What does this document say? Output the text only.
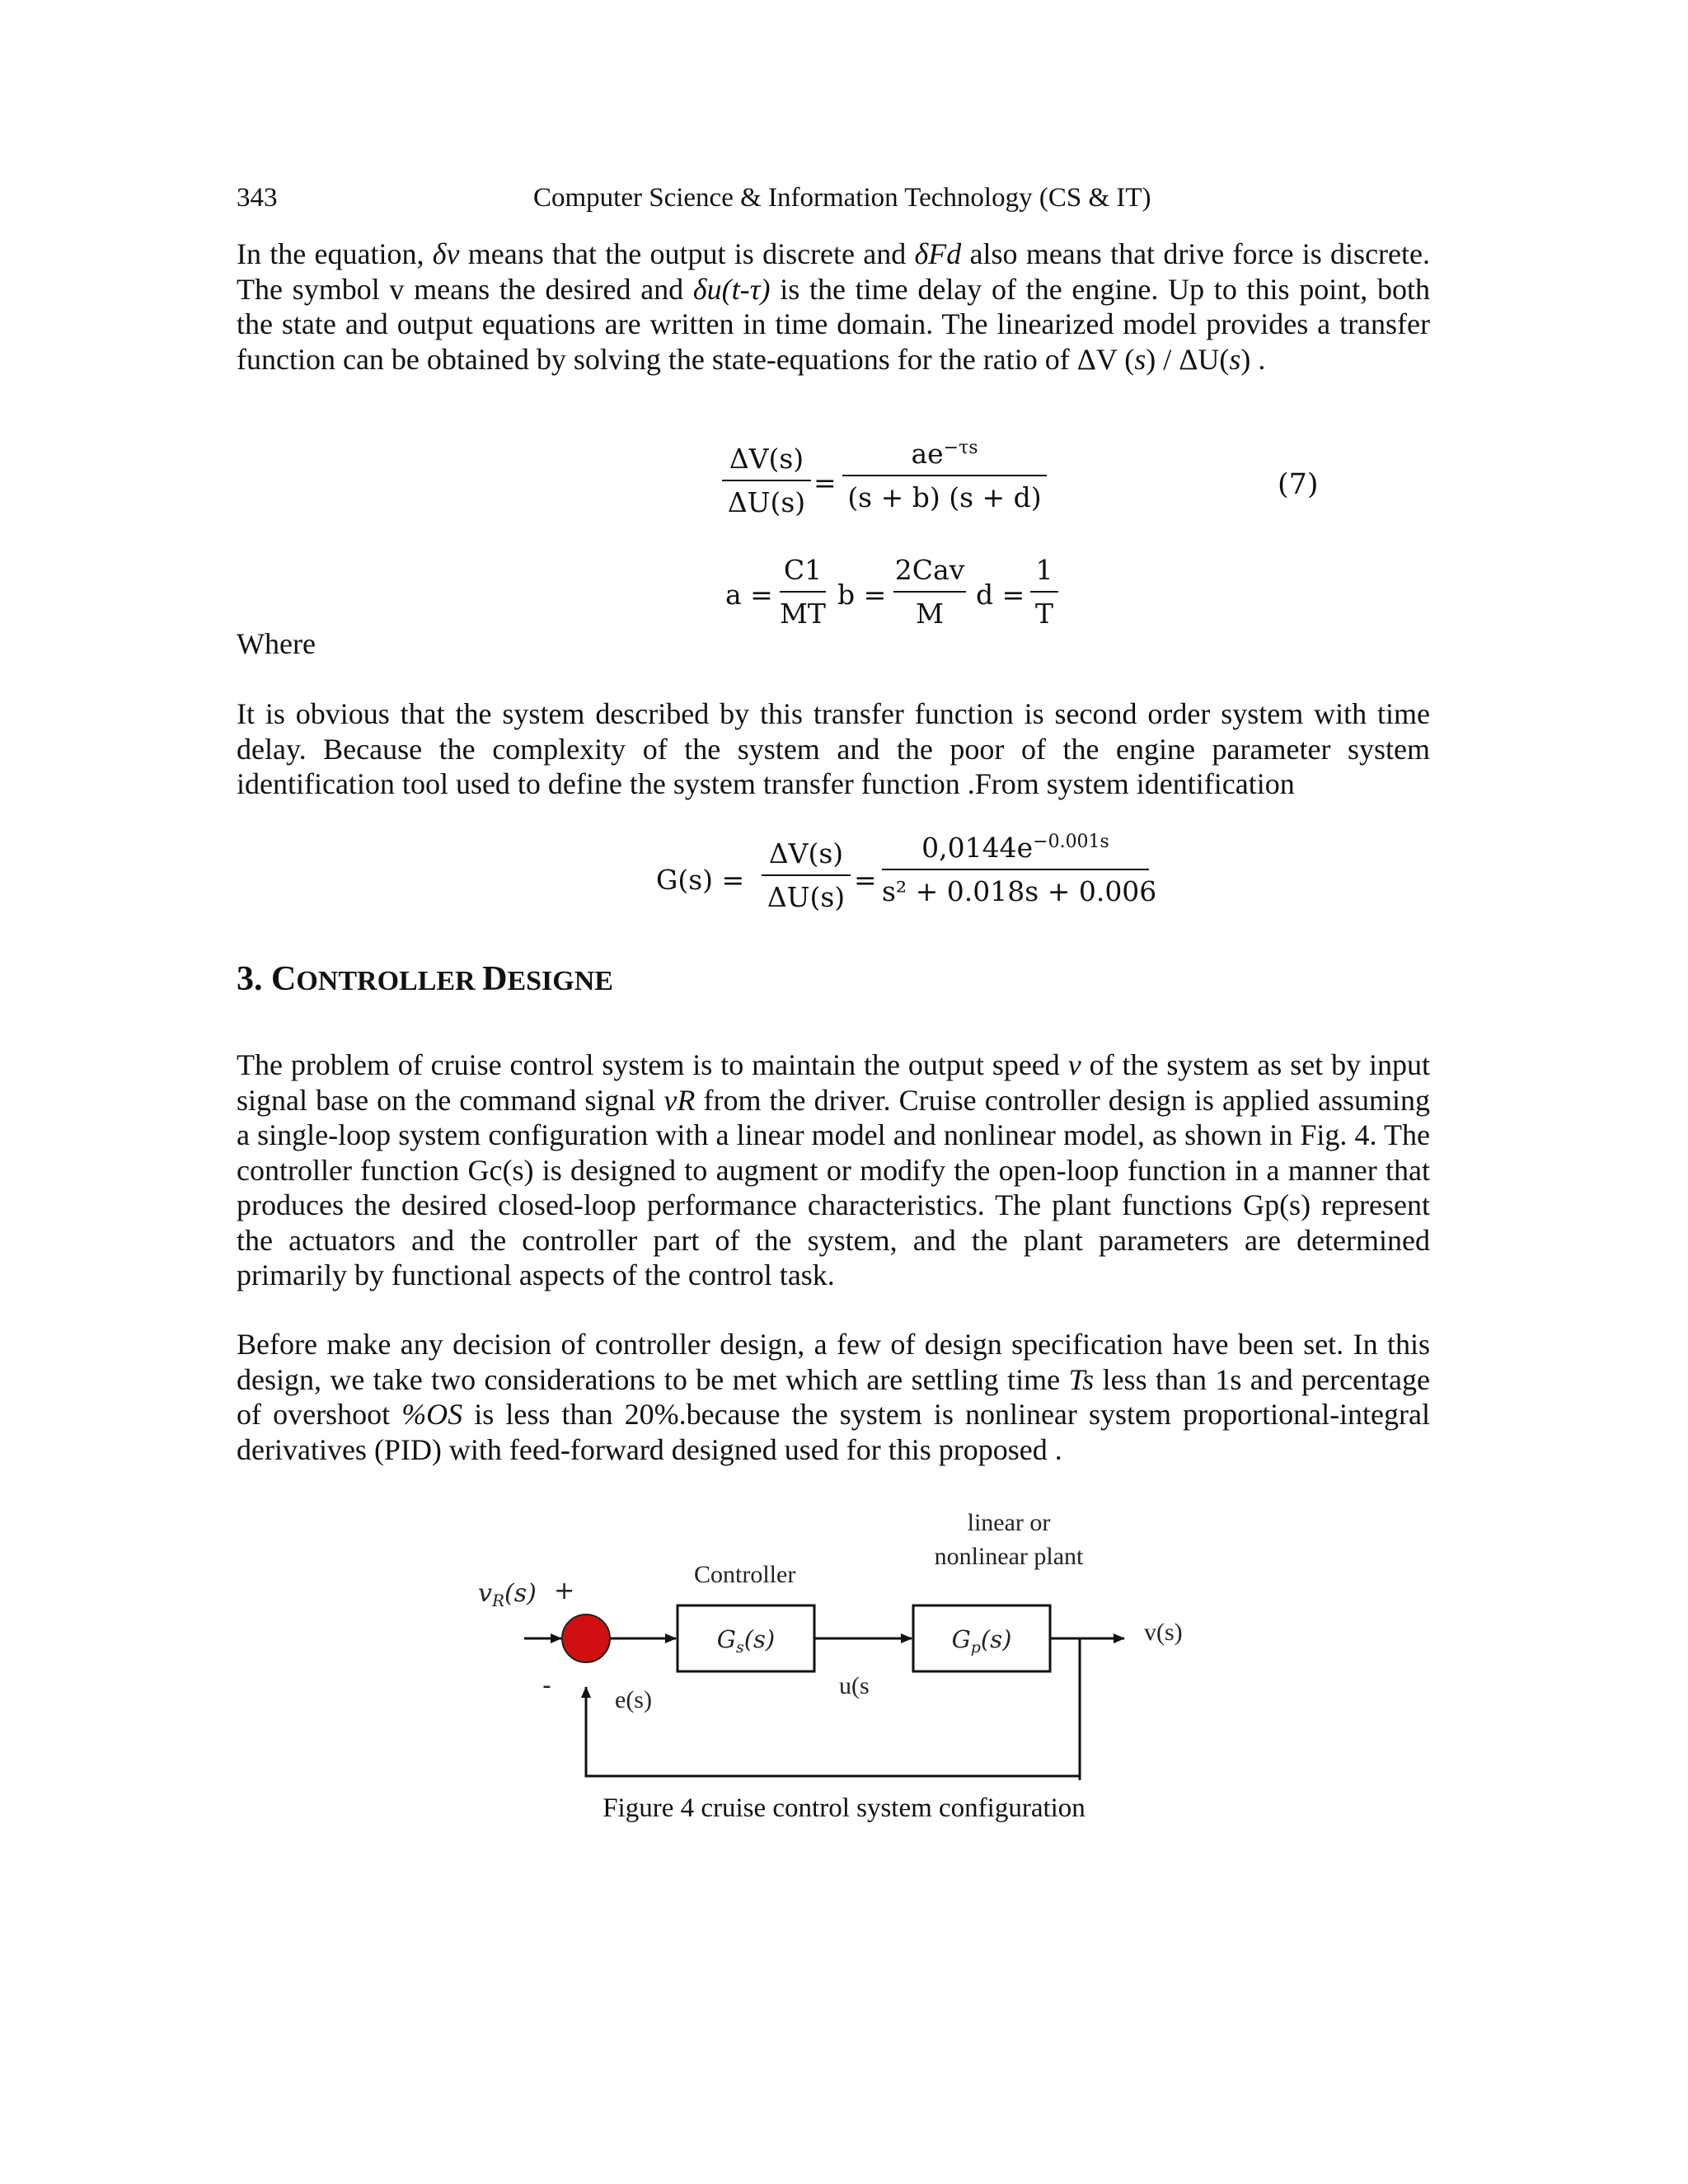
343	Computer Science & Information Technology (CS & IT)
In the equation, δv means that the output is discrete and δFd also means that drive force is discrete. The symbol v means the desired and δu(t-τ) is the time delay of the engine. Up to this point, both the state and output equations are written in time domain. The linearized model provides a transfer function can be obtained by solving the state-equations for the ratio of ΔV (s) / ΔU(s) .
ΔV(s)
ΔU(s)
=
$ae^{-\tau s}$
(s + b) (s + d)	(7)
a =
C1
MT
b =
2Cav
M
d =
1
T
Where
It is obvious that the system described by this transfer function is second order system with time delay. Because the complexity of the system and the poor of the engine parameter system identification tool used to define the system transfer function .From system identification
G(s) =
ΔV(s)
ΔU(s)
=
$0,0144e^{-0.001s}$
s² + 0.018s + 0.006
3. CONTROLLER DESIGNE
The problem of cruise control system is to maintain the output speed v of the system as set by input signal base on the command signal vR from the driver. Cruise controller design is applied assuming a single-loop system configuration with a linear model and nonlinear model, as shown in Fig. 4. The controller function Gc(s) is designed to augment or modify the open-loop function in a manner that produces the desired closed-loop performance characteristics. The plant functions Gp(s) represent the actuators and the controller part of the system, and the plant parameters are determined primarily by functional aspects of the control task.
Before make any decision of controller design, a few of design specification have been set. In this design, we take two considerations to be met which are settling time Ts less than 1s and percentage of overshoot %OS is less than 20%.because the system is nonlinear system proportional-integral derivatives (PID) with feed-forward designed used for this proposed .
$v_R(s)$ +
-	e(s)
Controller
$G_s(s)$
u(s
linear or
nonlinear plant
$G_p(s)$	v(s)
Figure 4 cruise control system configuration
